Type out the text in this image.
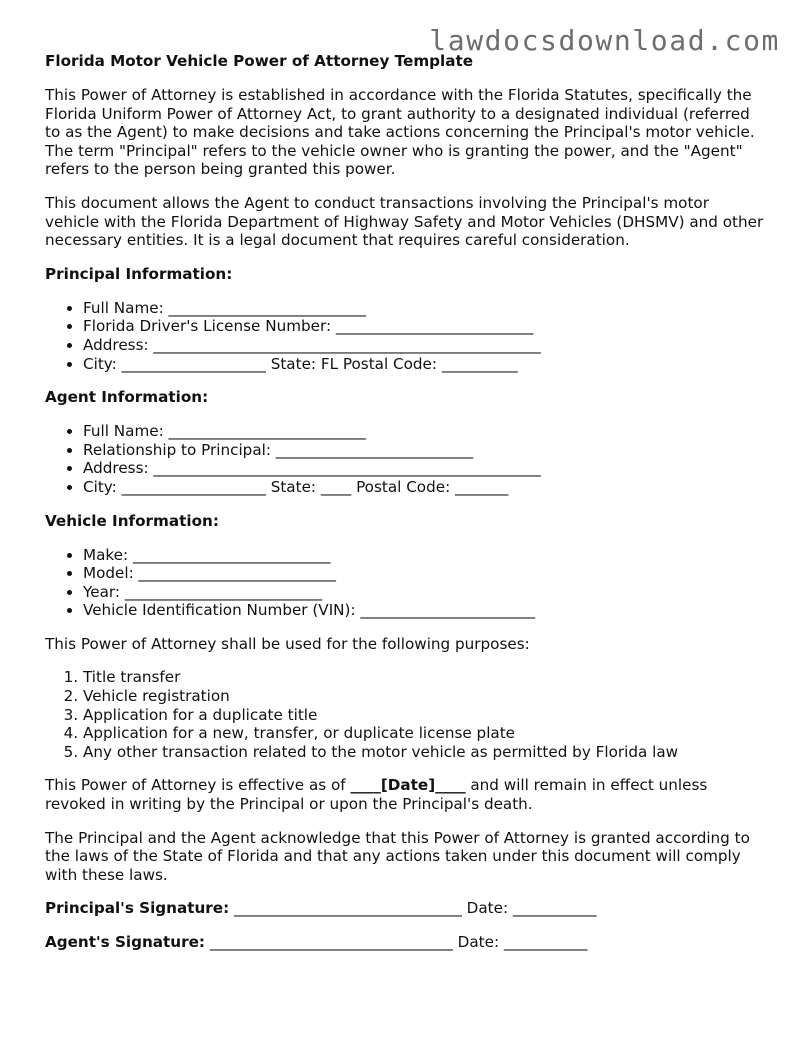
lawdocsdownload.com
Florida Motor Vehicle Power of Attorney Template

This Power of Attorney is established in accordance with the Florida Statutes, specifically the Florida Uniform Power of Attorney Act, to grant authority to a designated individual (referred to as the Agent) to make decisions and take actions concerning the Principal's motor vehicle. The term "Principal" refers to the vehicle owner who is granting the power, and the "Agent" refers to the person being granted this power.

This document allows the Agent to conduct transactions involving the Principal's motor vehicle with the Florida Department of Highway Safety and Motor Vehicles (DHSMV) and other necessary entities. It is a legal document that requires careful consideration.

Principal Information:
• Full Name: __________________________
• Florida Driver's License Number: __________________________
• Address: ___________________________________________________
• City: ___________________ State: FL Postal Code: __________
Agent Information:
• Full Name: __________________________
• Relationship to Principal: __________________________
• Address: ___________________________________________________
• City: ___________________ State: ____ Postal Code: _______
Vehicle Information:
• Make: __________________________
• Model: __________________________
• Year: __________________________
• Vehicle Identification Number (VIN): _______________________

This Power of Attorney shall be used for the following purposes:

1. Title transfer
2. Vehicle registration
3. Application for a duplicate title
4. Application for a new, transfer, or duplicate license plate
5. Any other transaction related to the motor vehicle as permitted by Florida law

This Power of Attorney is effective as of ____[Date]____ and will remain in effect unless revoked in writing by the Principal or upon the Principal's death.

The Principal and the Agent acknowledge that this Power of Attorney is granted according to the laws of the State of Florida and that any actions taken under this document will comply with these laws.

Principal's Signature: ______________________________ Date: ___________

Agent's Signature: ________________________________ Date: ___________
